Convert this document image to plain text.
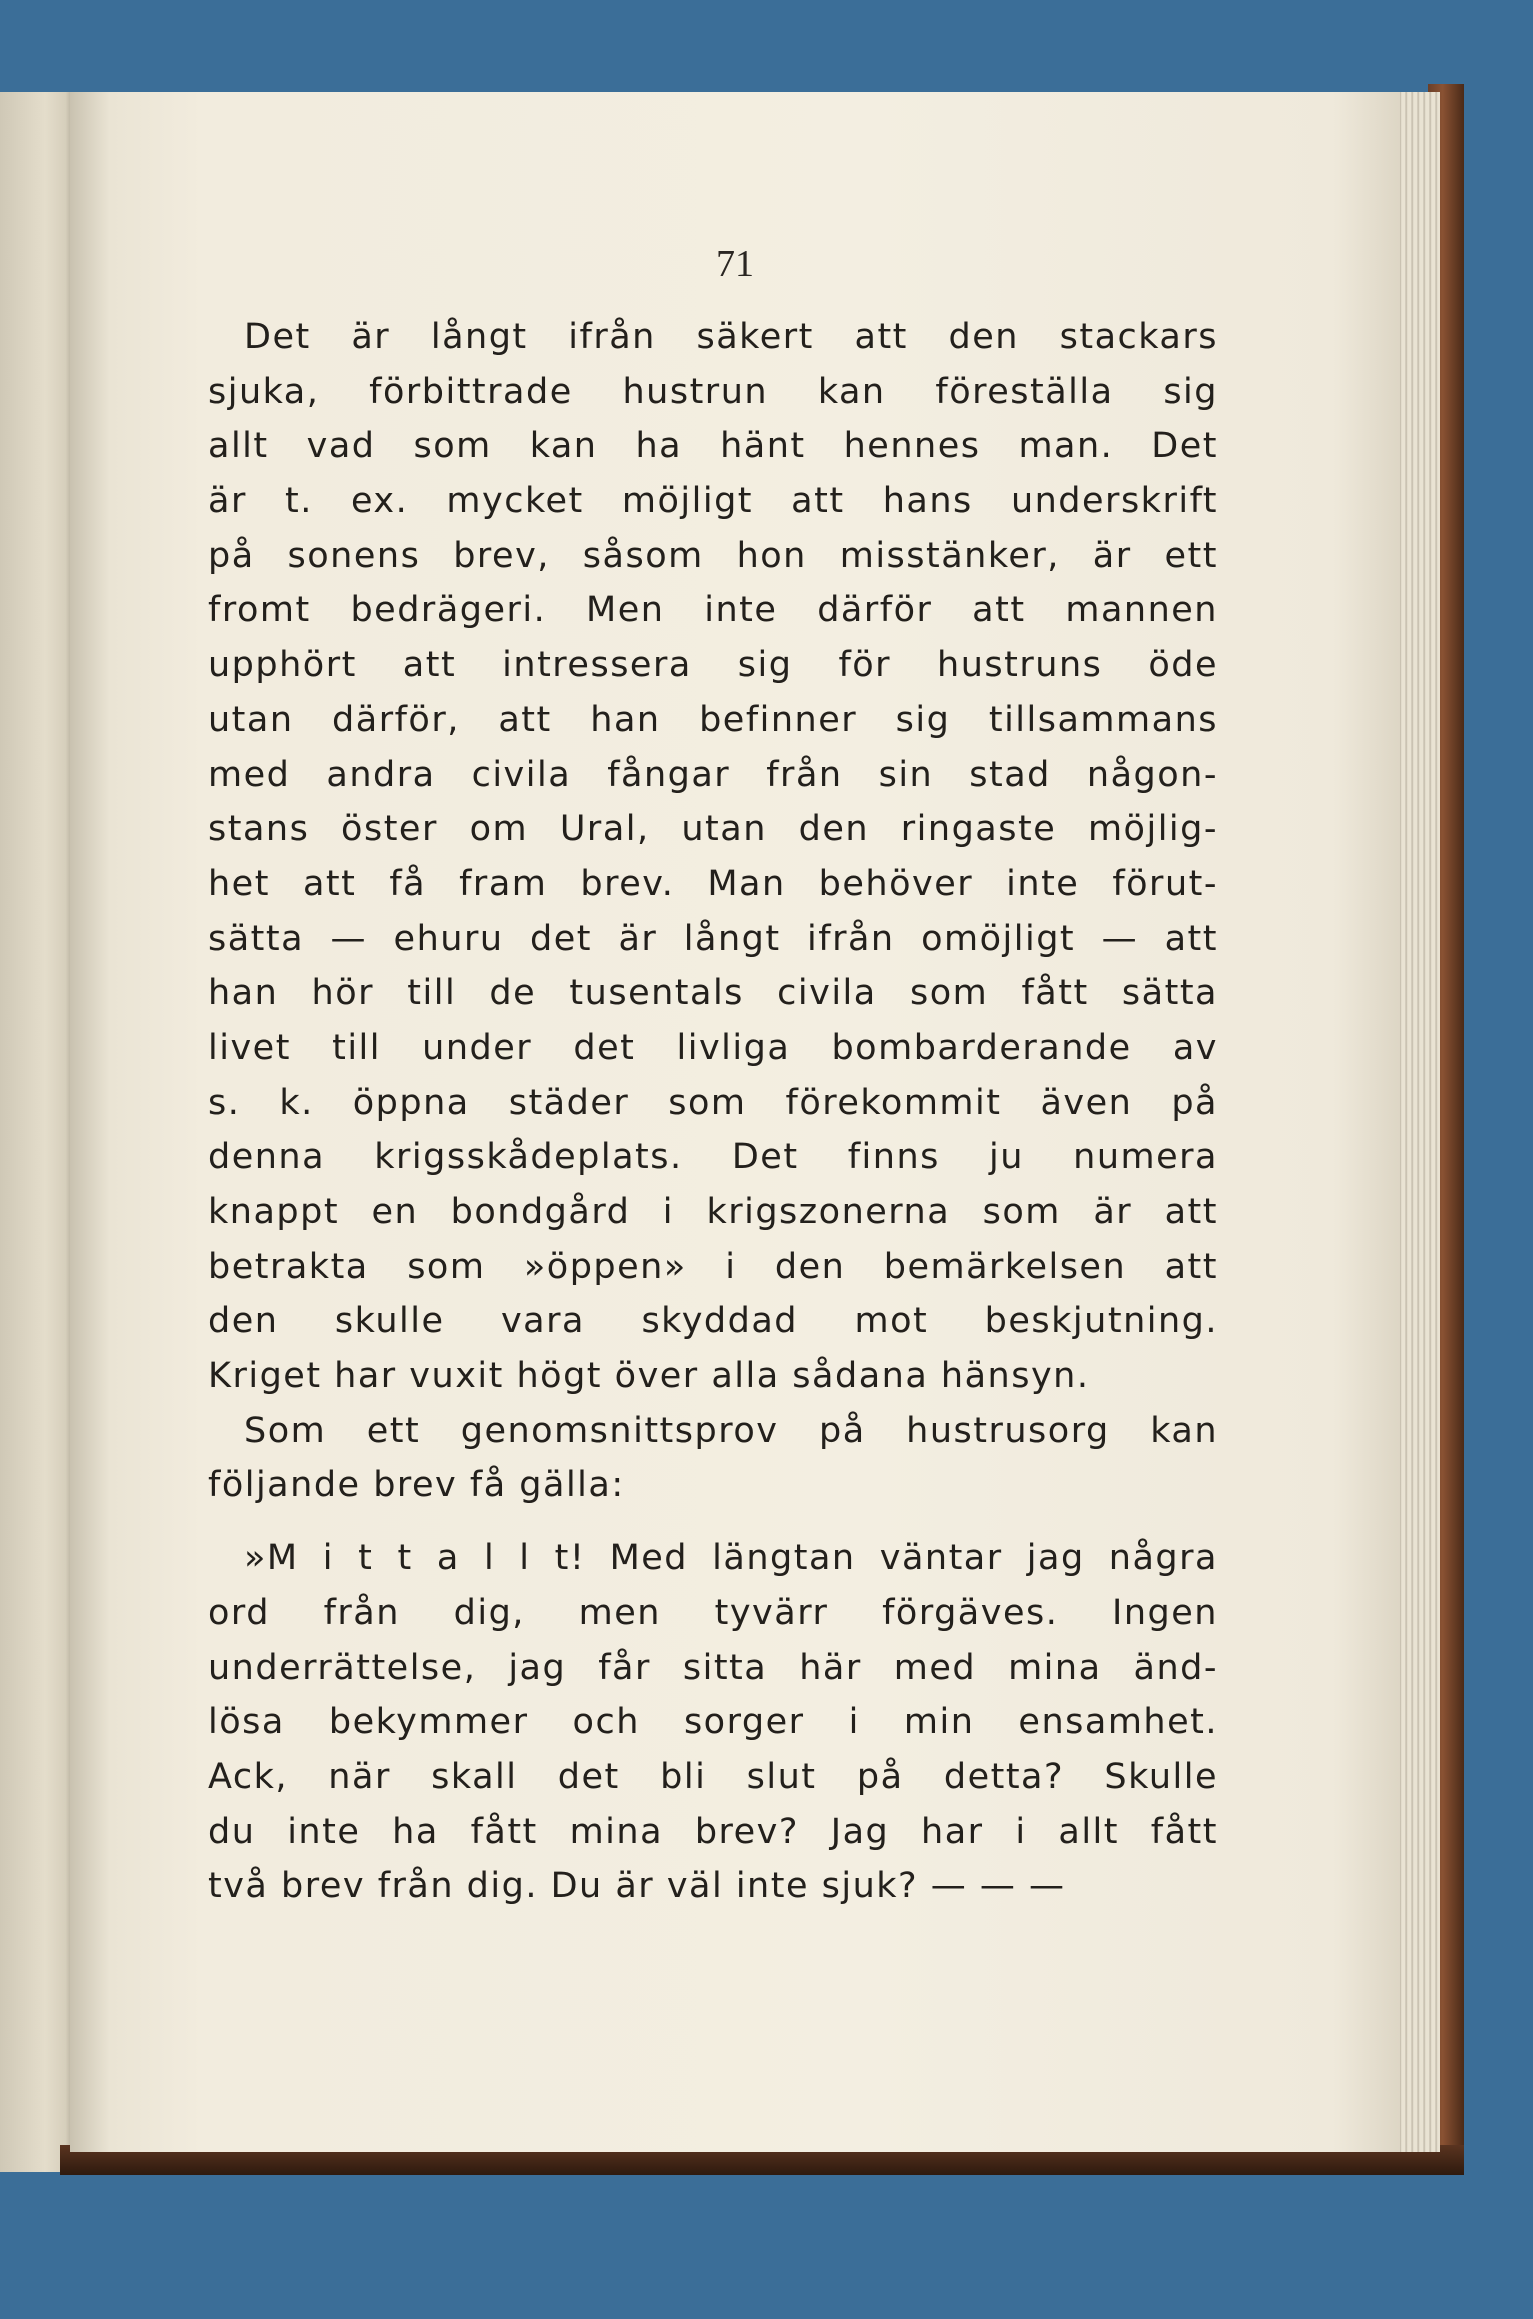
71
Det är långt ifrån säkert att den stackars
sjuka, förbittrade hustrun kan föreställa sig
allt vad som kan ha hänt hennes man. Det
är t. ex. mycket möjligt att hans underskrift
på sonens brev, såsom hon misstänker, är ett
fromt bedrägeri. Men inte därför att mannen
upphört att intressera sig för hustruns öde
utan därför, att han befinner sig tillsammans
med andra civila fångar från sin stad någon-
stans öster om Ural, utan den ringaste möjlig-
het att få fram brev. Man behöver inte förut-
sätta — ehuru det är långt ifrån omöjligt — att
han hör till de tusentals civila som fått sätta
livet till under det livliga bombarderande av
s. k. öppna städer som förekommit även på
denna krigsskådeplats. Det finns ju numera
knappt en bondgård i krigszonerna som är att
betrakta som »öppen» i den bemärkelsen att
den skulle vara skyddad mot beskjutning.
Kriget har vuxit högt över alla sådana hänsyn.
Som ett genomsnittsprov på hustrusorg kan
följande brev få gälla:
»M i t t a l l t! Med längtan väntar jag några
ord från dig, men tyvärr förgäves. Ingen
underrättelse, jag får sitta här med mina änd-
lösa bekymmer och sorger i min ensamhet.
Ack, när skall det bli slut på detta? Skulle
du inte ha fått mina brev? Jag har i allt fått
två brev från dig. Du är väl inte sjuk? — — —
